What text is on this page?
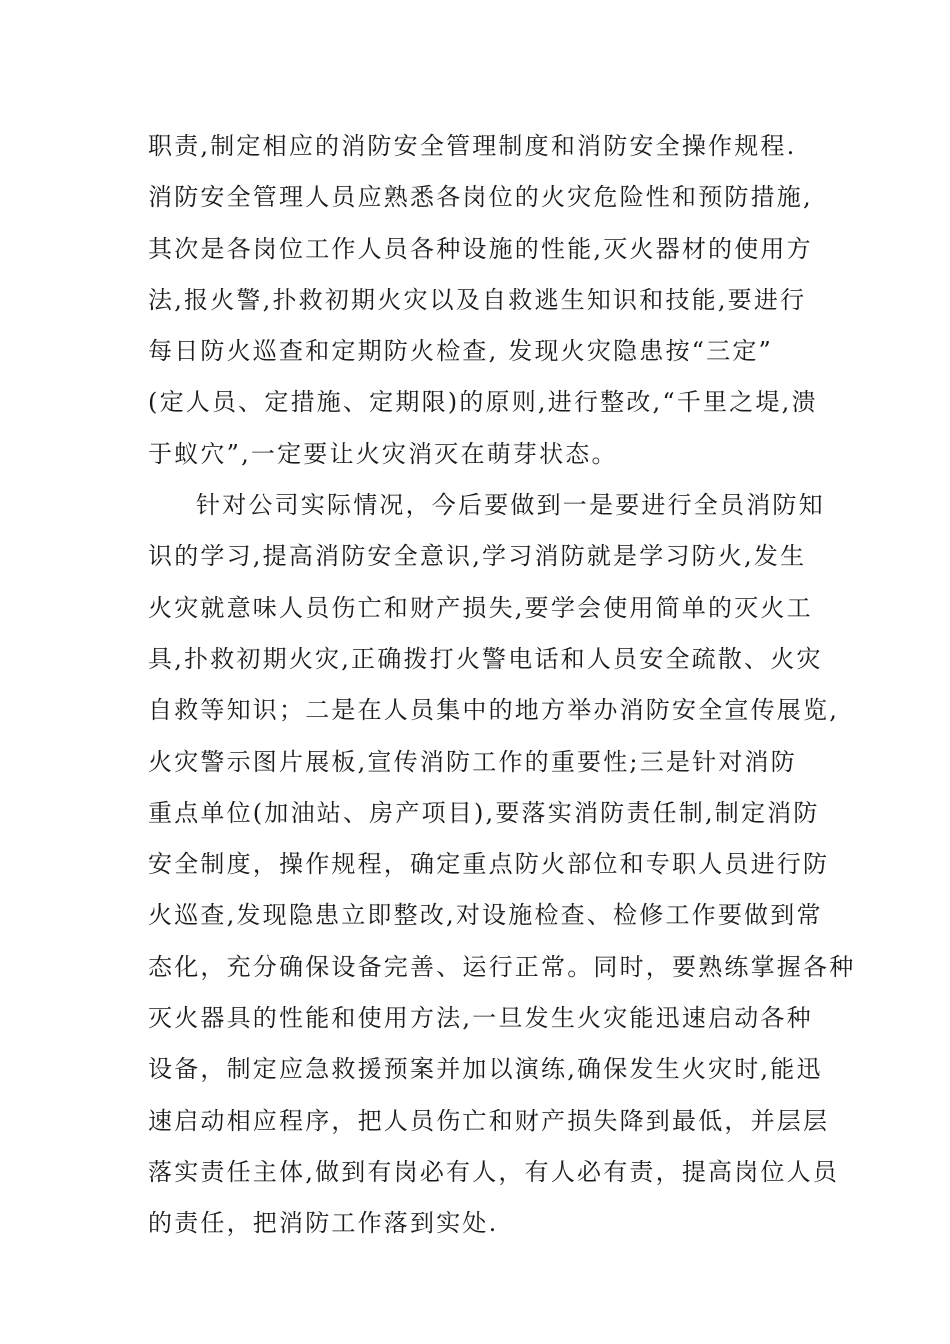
职责,制定相应的消防安全管理制度和消防安全操作规程.
消防安全管理人员应熟悉各岗位的火灾危险性和预防措施,
其次是各岗位工作人员各种设施的性能,灭火器材的使用方
法,报火警,扑救初期火灾以及自救逃生知识和技能,要进行
每日防火巡查和定期防火检查, 发现火灾隐患按“三定”
(定人员、定措施、定期限)的原则,进行整改,“千里之堤,溃
于蚁穴”,一定要让火灾消灭在萌芽状态。
针对公司实际情况，今后要做到一是要进行全员消防知
识的学习,提高消防安全意识,学习消防就是学习防火,发生
火灾就意味人员伤亡和财产损失,要学会使用简单的灭火工
具,扑救初期火灾,正确拨打火警电话和人员安全疏散、火灾
自救等知识；二是在人员集中的地方举办消防安全宣传展览,
火灾警示图片展板,宣传消防工作的重要性;三是针对消防
重点单位(加油站、房产项目),要落实消防责任制,制定消防
安全制度，操作规程，确定重点防火部位和专职人员进行防
火巡查,发现隐患立即整改,对设施检查、检修工作要做到常
态化，充分确保设备完善、运行正常。同时，要熟练掌握各种
灭火器具的性能和使用方法,一旦发生火灾能迅速启动各种
设备，制定应急救援预案并加以演练,确保发生火灾时,能迅
速启动相应程序，把人员伤亡和财产损失降到最低，并层层
落实责任主体,做到有岗必有人，有人必有责，提高岗位人员
的责任，把消防工作落到实处.
